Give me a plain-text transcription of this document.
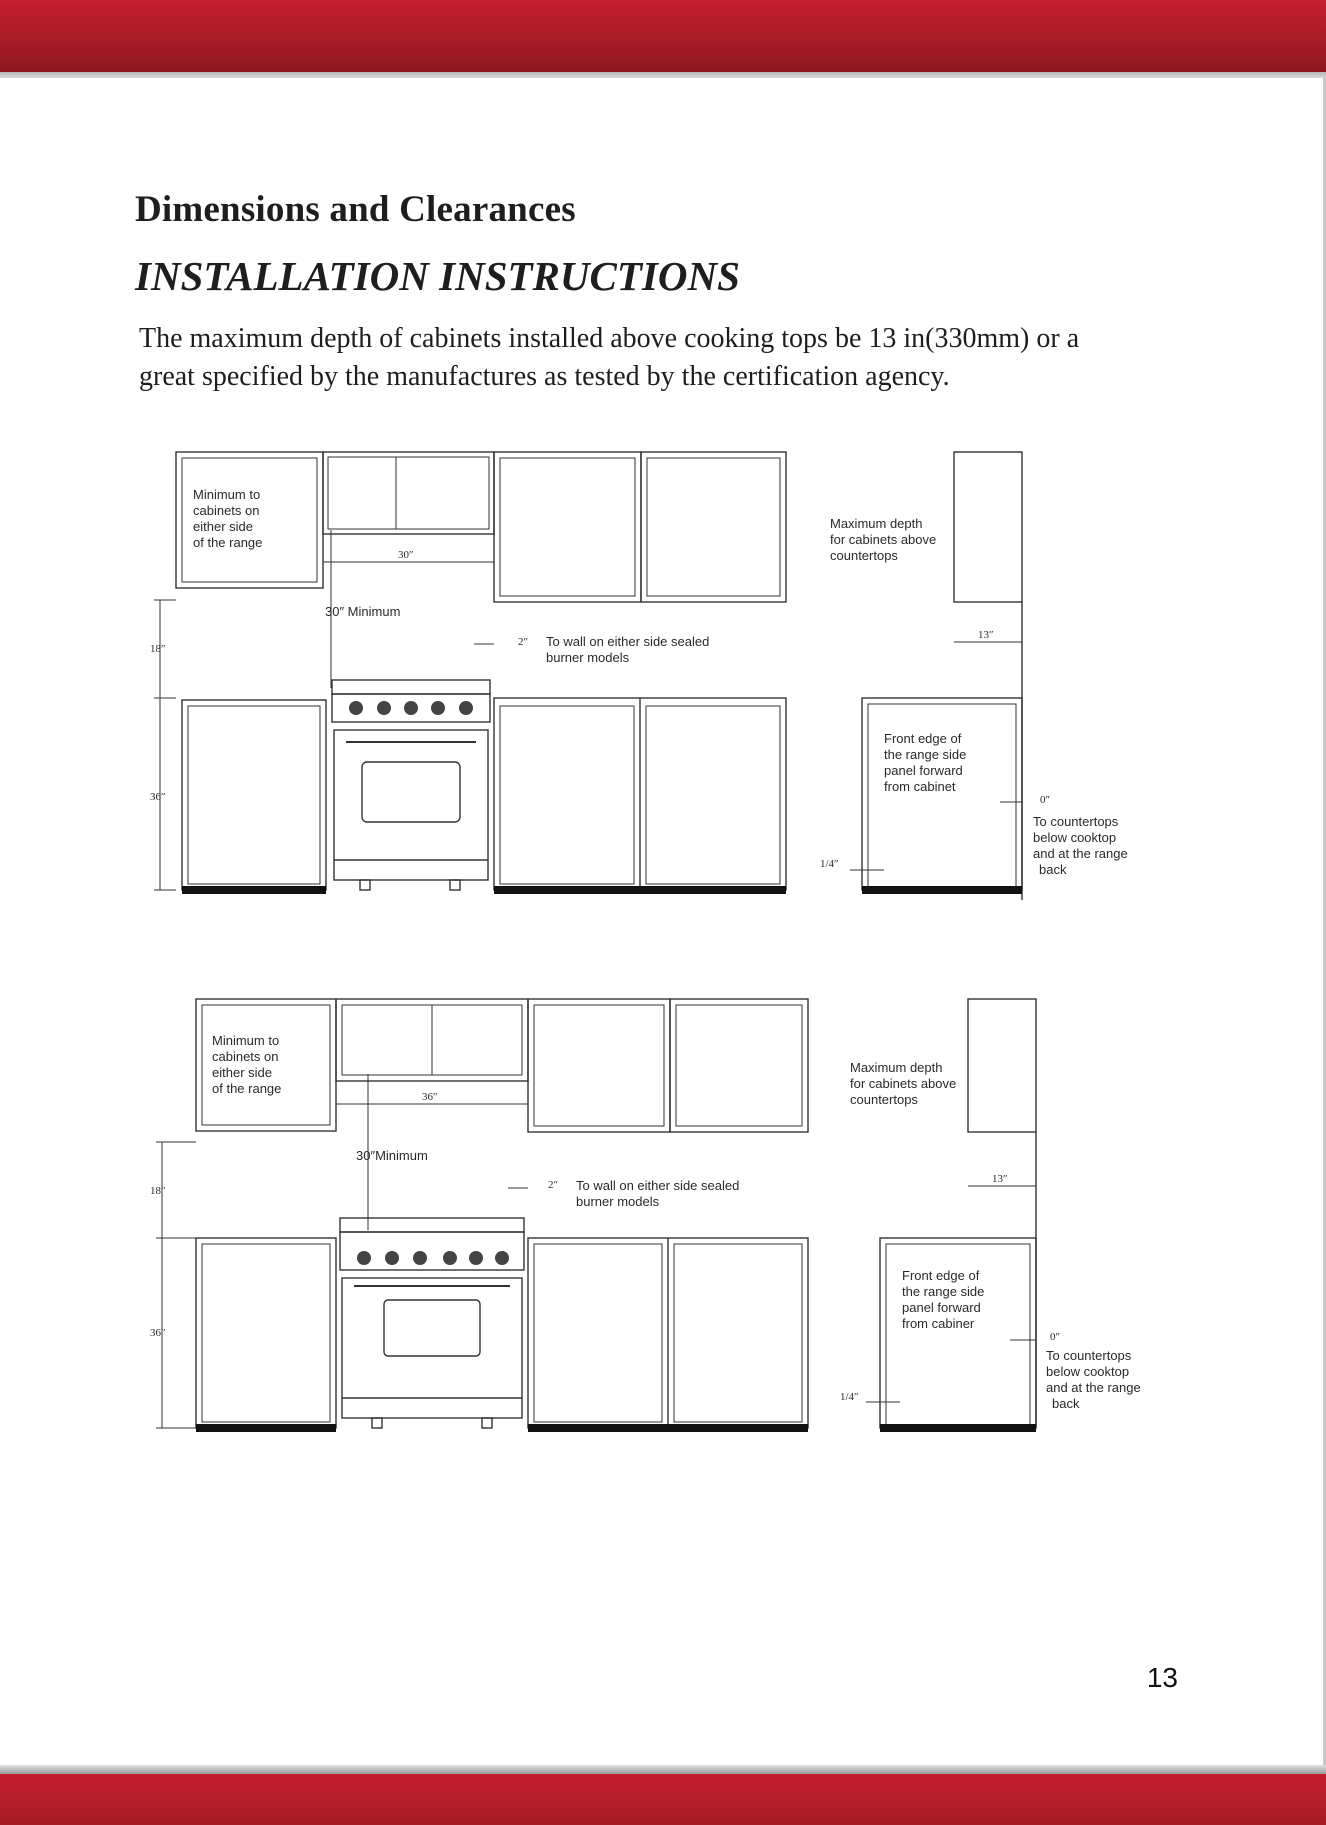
Dimensions and Clearances
INSTALLATION INSTRUCTIONS

The maximum depth of cabinets installed above cooking tops be 13 in(330mm) or a
great specified by the manufactures as tested by the certification agency.

Minimum to
cabinets on
either side
of the range
30″
30″ Minimum
2″ To wall on either side sealed
burner models
18″
36″
Maximum depth
for cabinets above
countertops
13″
Front edge of
the range side
panel forward
from cabinet
0″
To countertops
below cooktop
and at the range
back
1/4″
Minimum to
cabinets on
either side
of the range
36″
30″Minimum
2″ To wall on either side sealed
burner models
18″
36″
Maximum depth
for cabinets above
countertops
13″
Front edge of
the range side
panel forward
from cabiner
0″
To countertops
below cooktop
and at the range
back
1/4″
13
